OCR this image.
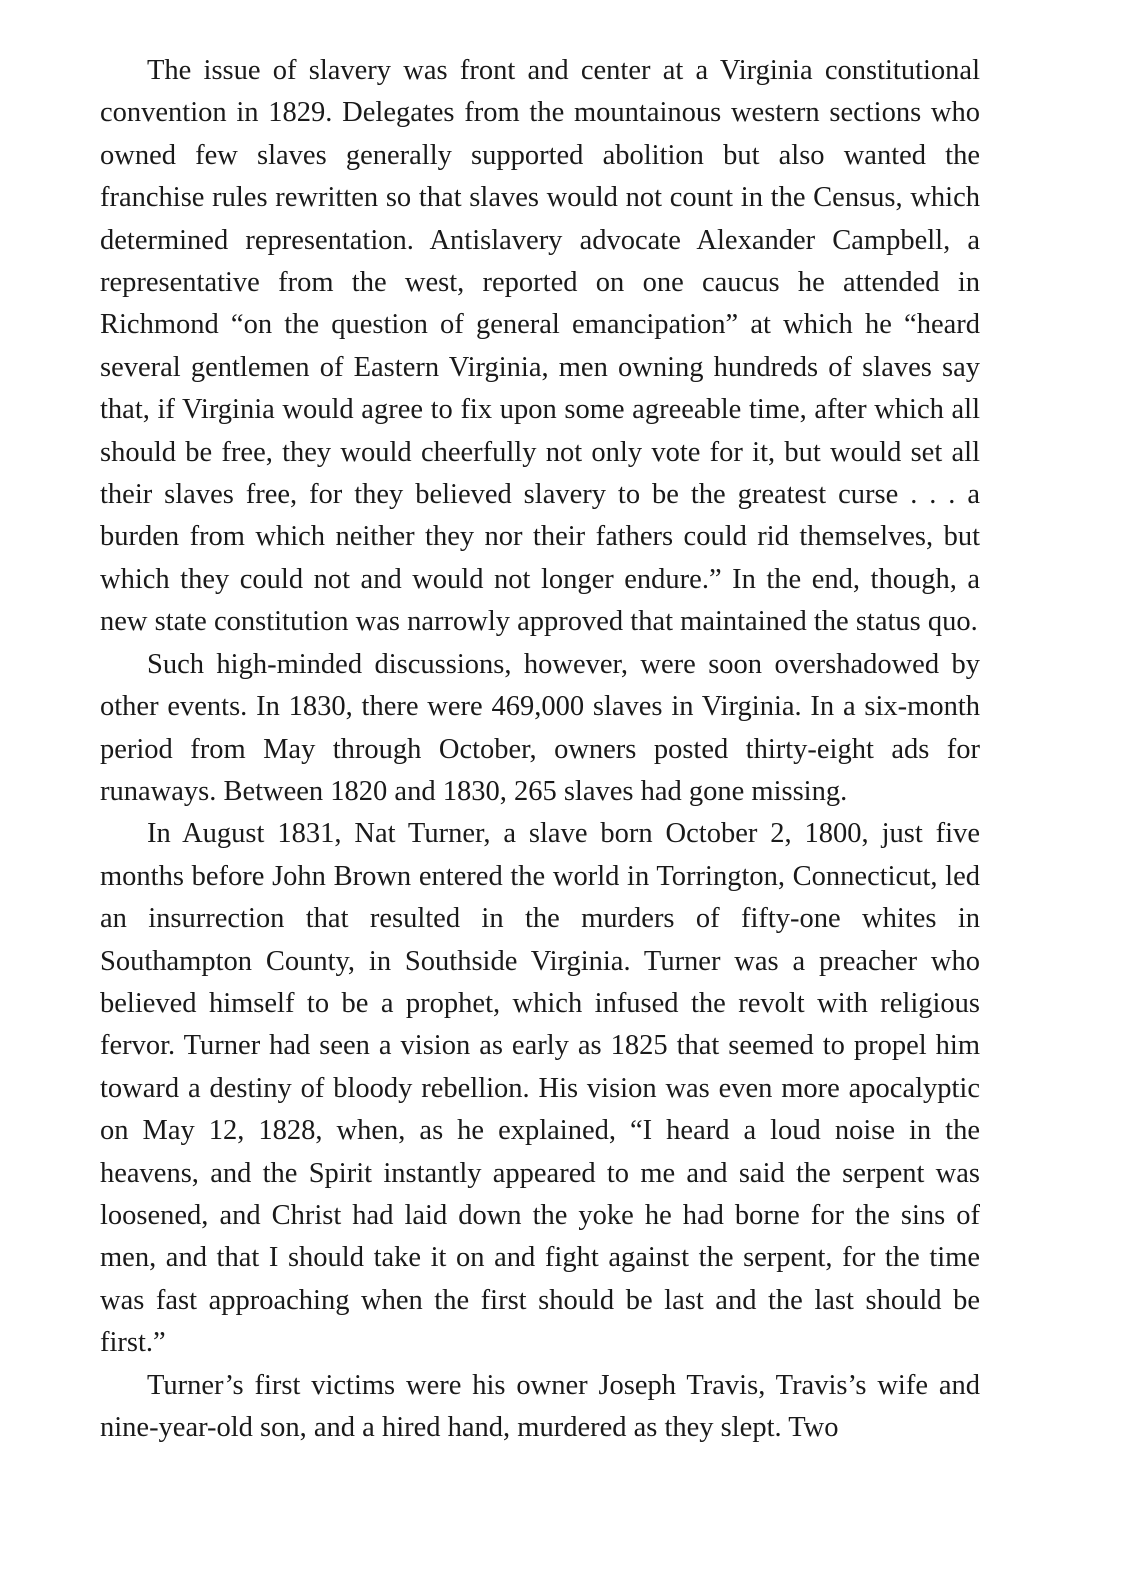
The issue of slavery was front and center at a Virginia constitutional convention in 1829. Delegates from the mountainous western sections who owned few slaves generally supported abolition but also wanted the franchise rules rewritten so that slaves would not count in the Census, which determined representation. Antislavery advocate Alexander Campbell, a representative from the west, reported on one caucus he attended in Richmond “on the question of general emancipation” at which he “heard several gentlemen of Eastern Virginia, men owning hundreds of slaves say that, if Virginia would agree to fix upon some agreeable time, after which all should be free, they would cheerfully not only vote for it, but would set all their slaves free, for they believed slavery to be the greatest curse . . . a burden from which neither they nor their fathers could rid themselves, but which they could not and would not longer endure.” In the end, though, a new state constitution was narrowly approved that maintained the status quo.

Such high-minded discussions, however, were soon overshadowed by other events. In 1830, there were 469,000 slaves in Virginia. In a six-month period from May through October, owners posted thirty-eight ads for runaways. Between 1820 and 1830, 265 slaves had gone missing.

In August 1831, Nat Turner, a slave born October 2, 1800, just five months before John Brown entered the world in Torrington, Connecticut, led an insurrection that resulted in the murders of fifty-one whites in Southampton County, in Southside Virginia. Turner was a preacher who believed himself to be a prophet, which infused the revolt with religious fervor. Turner had seen a vision as early as 1825 that seemed to propel him toward a destiny of bloody rebellion. His vision was even more apocalyptic on May 12, 1828, when, as he explained, “I heard a loud noise in the heavens, and the Spirit instantly appeared to me and said the serpent was loosened, and Christ had laid down the yoke he had borne for the sins of men, and that I should take it on and fight against the serpent, for the time was fast approaching when the first should be last and the last should be first.”

Turner’s first victims were his owner Joseph Travis, Travis’s wife and nine-year-old son, and a hired hand, murdered as they slept. Two
